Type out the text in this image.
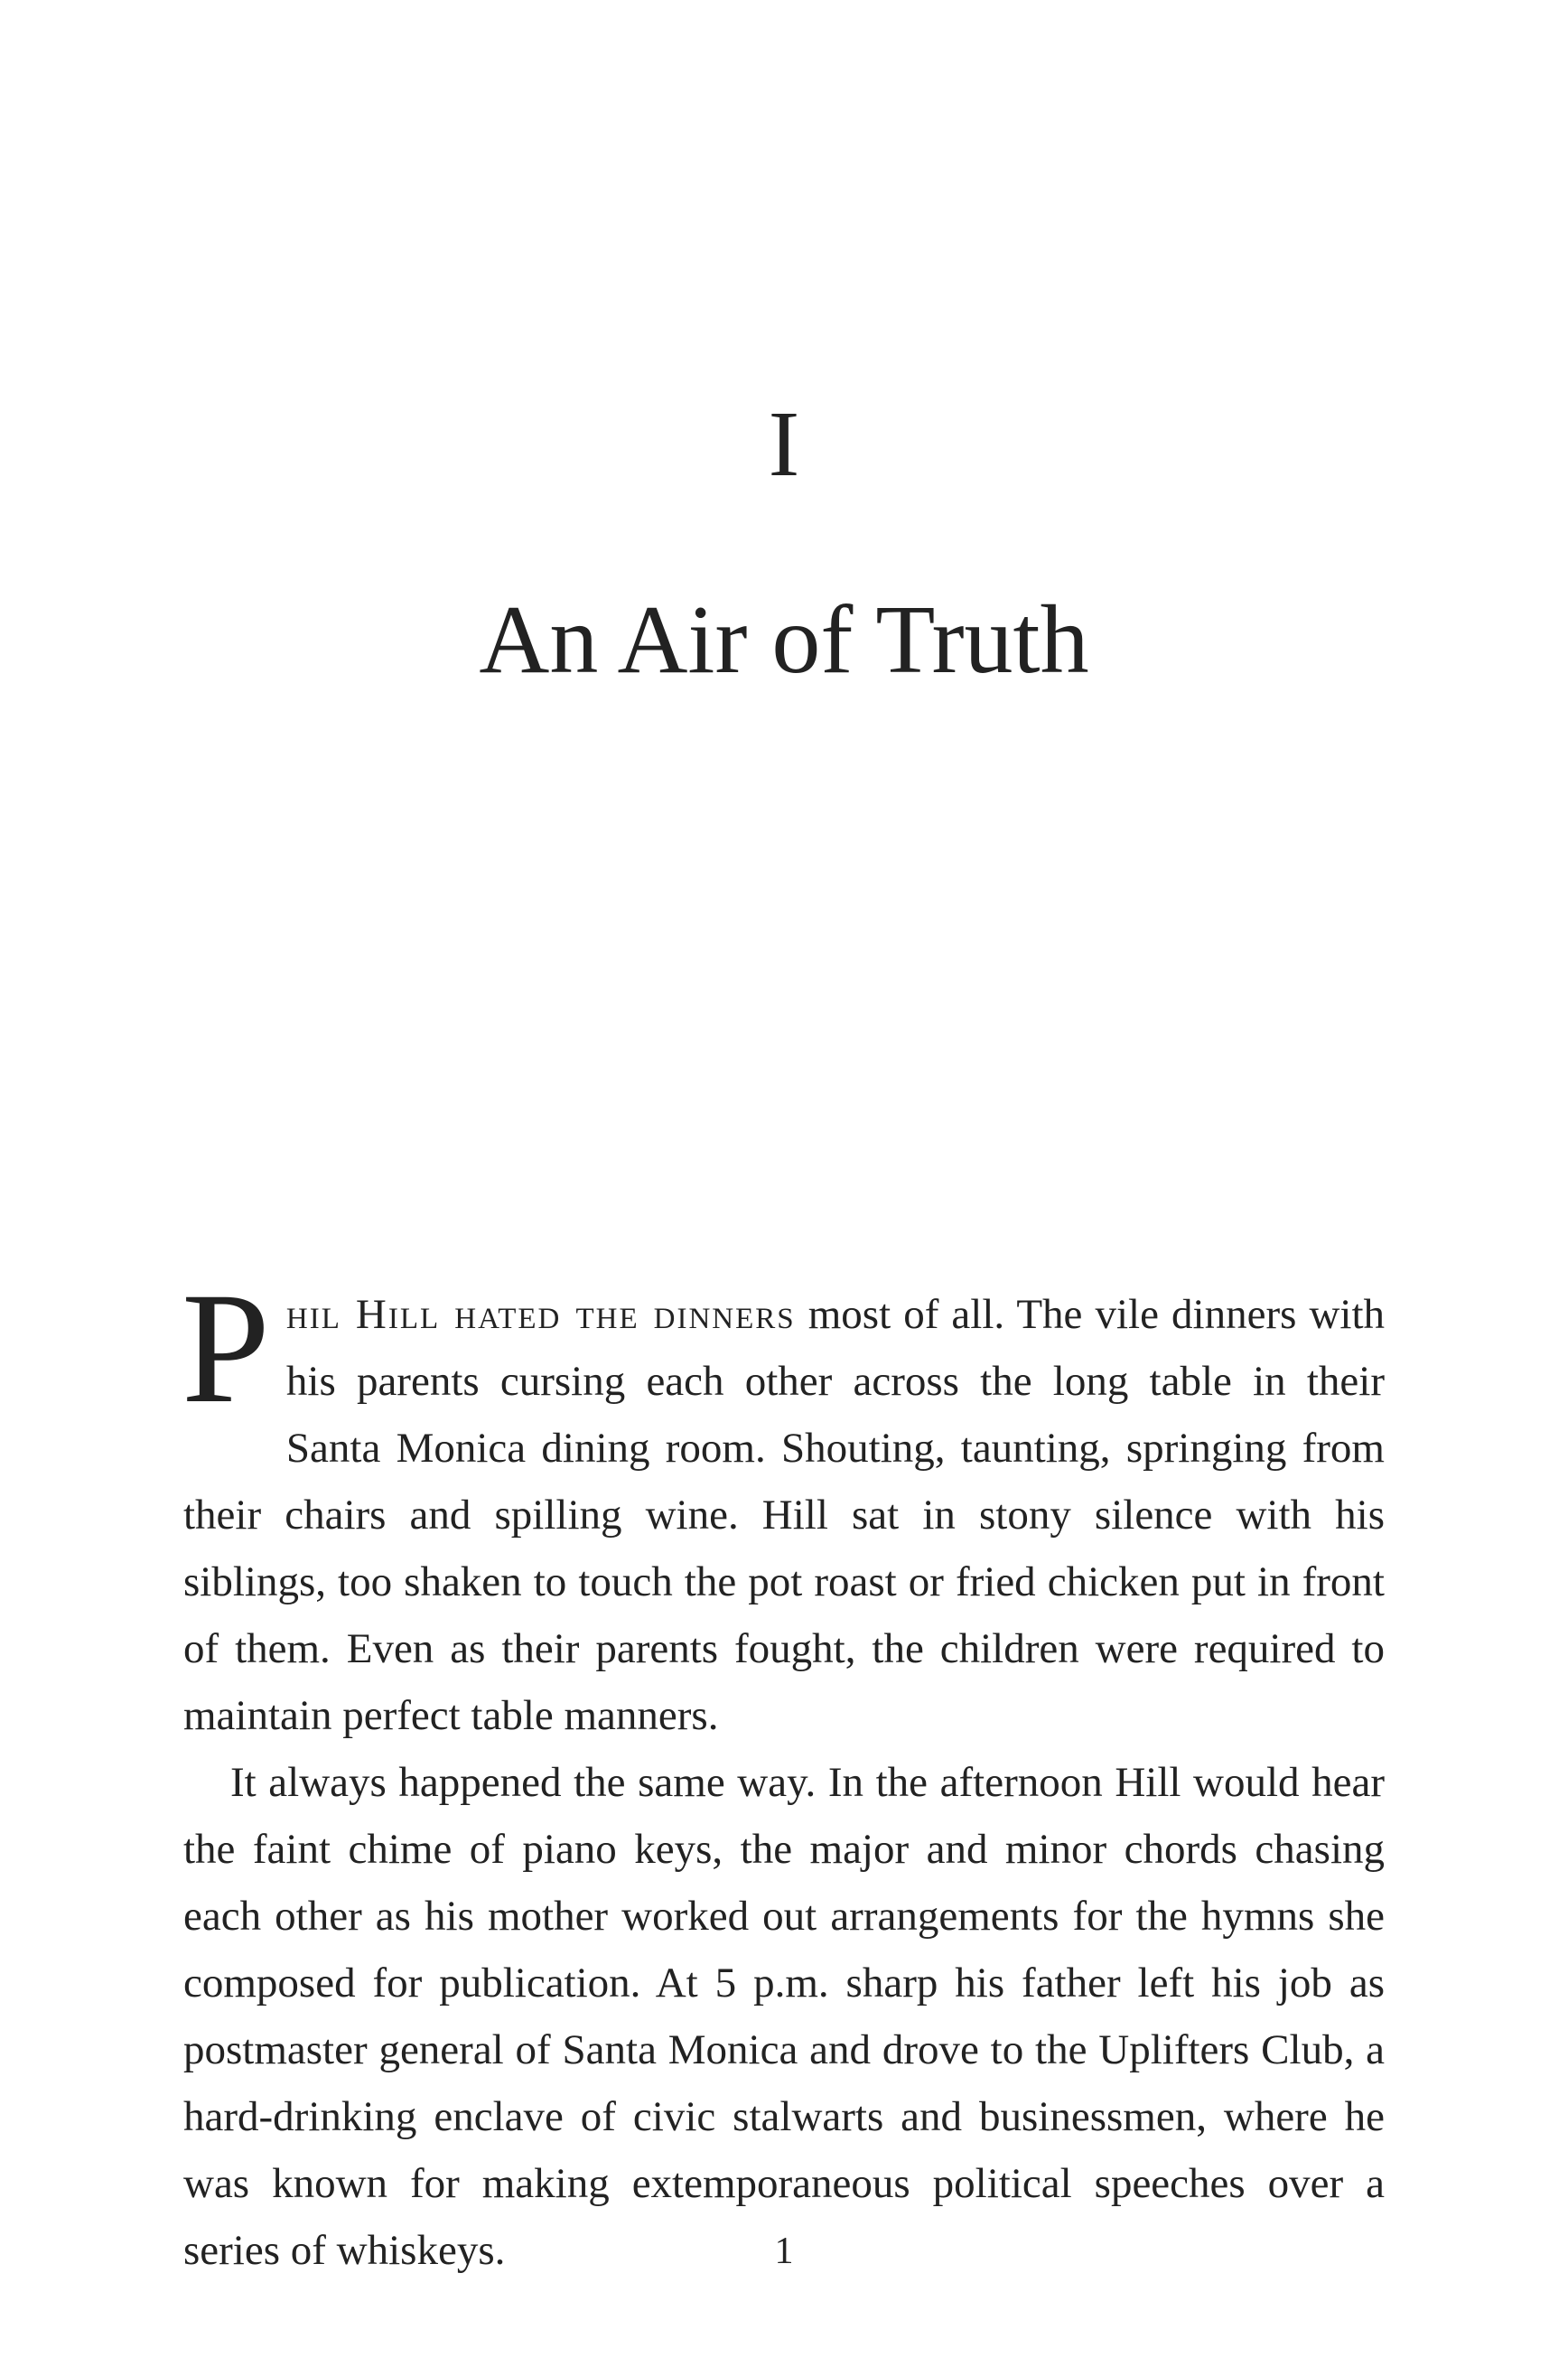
I
An Air of Truth

Phil Hill hated the dinners most of all. The vile dinners with his parents cursing each other across the long table in their Santa Monica dining room. Shouting, taunting, springing from their chairs and spilling wine. Hill sat in stony silence with his siblings, too shaken to touch the pot roast or fried chicken put in front of them. Even as their parents fought, the children were required to maintain perfect table manners.

It always happened the same way. In the afternoon Hill would hear the faint chime of piano keys, the major and minor chords chasing each other as his mother worked out arrangements for the hymns she composed for publication. At 5 p.m. sharp his father left his job as postmaster general of Santa Monica and drove to the Uplifters Club, a hard-drinking enclave of civic stalwarts and businessmen, where he was known for making extemporaneous political speeches over a series of whiskeys.	1
